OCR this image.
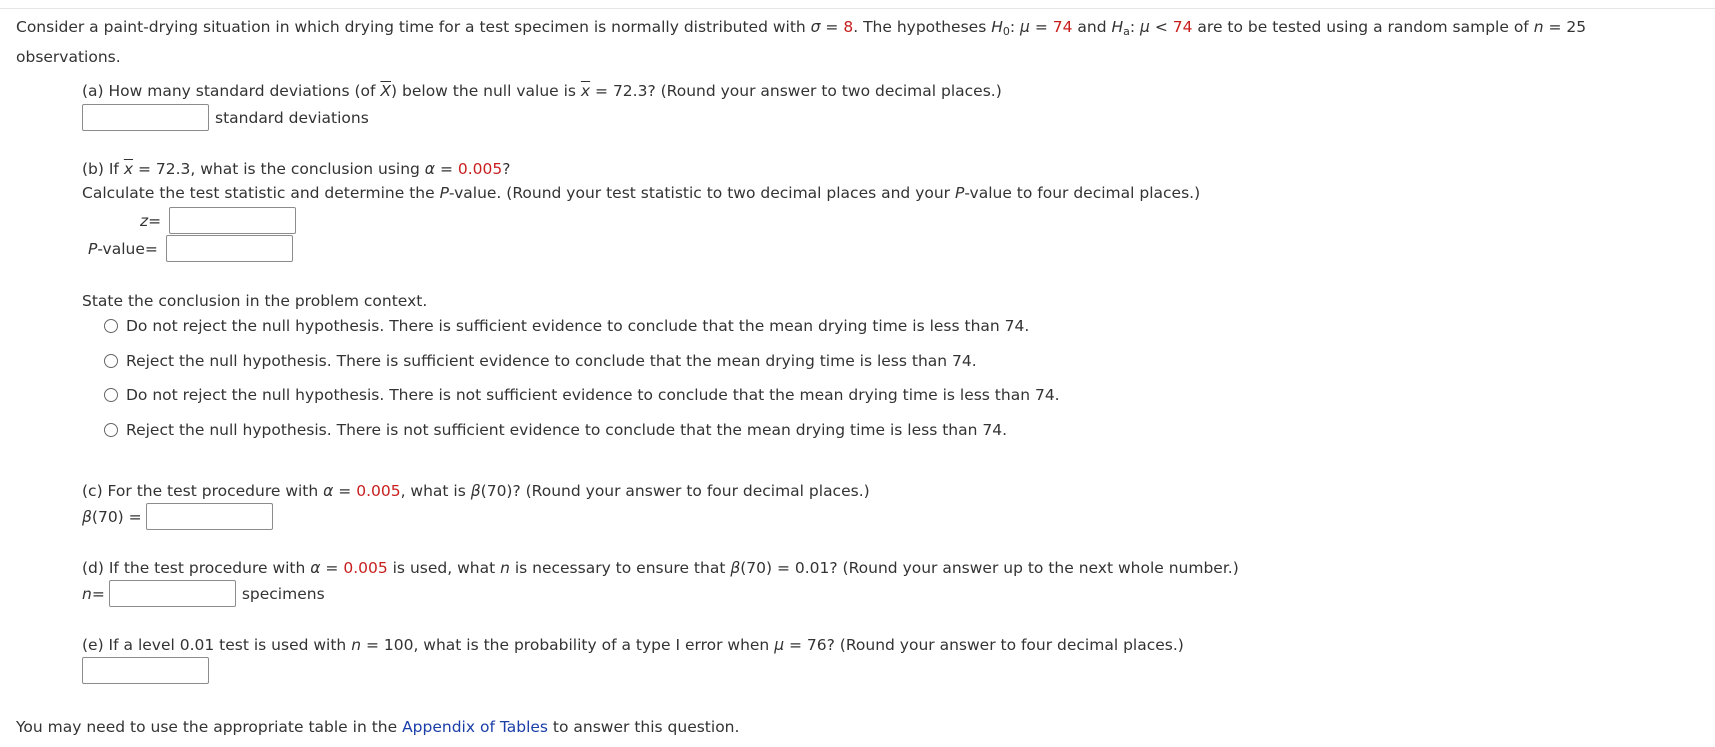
Consider a paint-drying situation in which drying time for a test specimen is normally distributed with σ = 8. The hypotheses $H_0$: μ = 74 and $H_a$: μ < 74 are to be tested using a random sample of n = 25
observations.
(a) How many standard deviations (of $\overline{X}$) below the null value is $\overline{x} = 72.3$? (Round your answer to two decimal places.)
standard deviations
(b) If $\overline{x} = 72.3$, what is the conclusion using α = 0.005?
Calculate the test statistic and determine the P-value. (Round your test statistic to two decimal places and your P-value to four decimal places.)
z =
P -value =
State the conclusion in the problem context.
Do not reject the null hypothesis. There is sufficient evidence to conclude that the mean drying time is less than 74.
Reject the null hypothesis. There is sufficient evidence to conclude that the mean drying time is less than 74.
Do not reject the null hypothesis. There is not sufficient evidence to conclude that the mean drying time is less than 74.
Reject the null hypothesis. There is not sufficient evidence to conclude that the mean drying time is less than 74.
(c) For the test procedure with α = 0.005, what is β(70)? (Round your answer to four decimal places.)
β (70) =
(d) If the test procedure with α = 0.005 is used, what n is necessary to ensure that β(70) = 0.01? (Round your answer up to the next whole number.)
n =	specimens
(e) If a level 0.01 test is used with n = 100, what is the probability of a type I error when μ = 76? (Round your answer to four decimal places.)
You may need to use the appropriate table in the Appendix of Tables to answer this question.
